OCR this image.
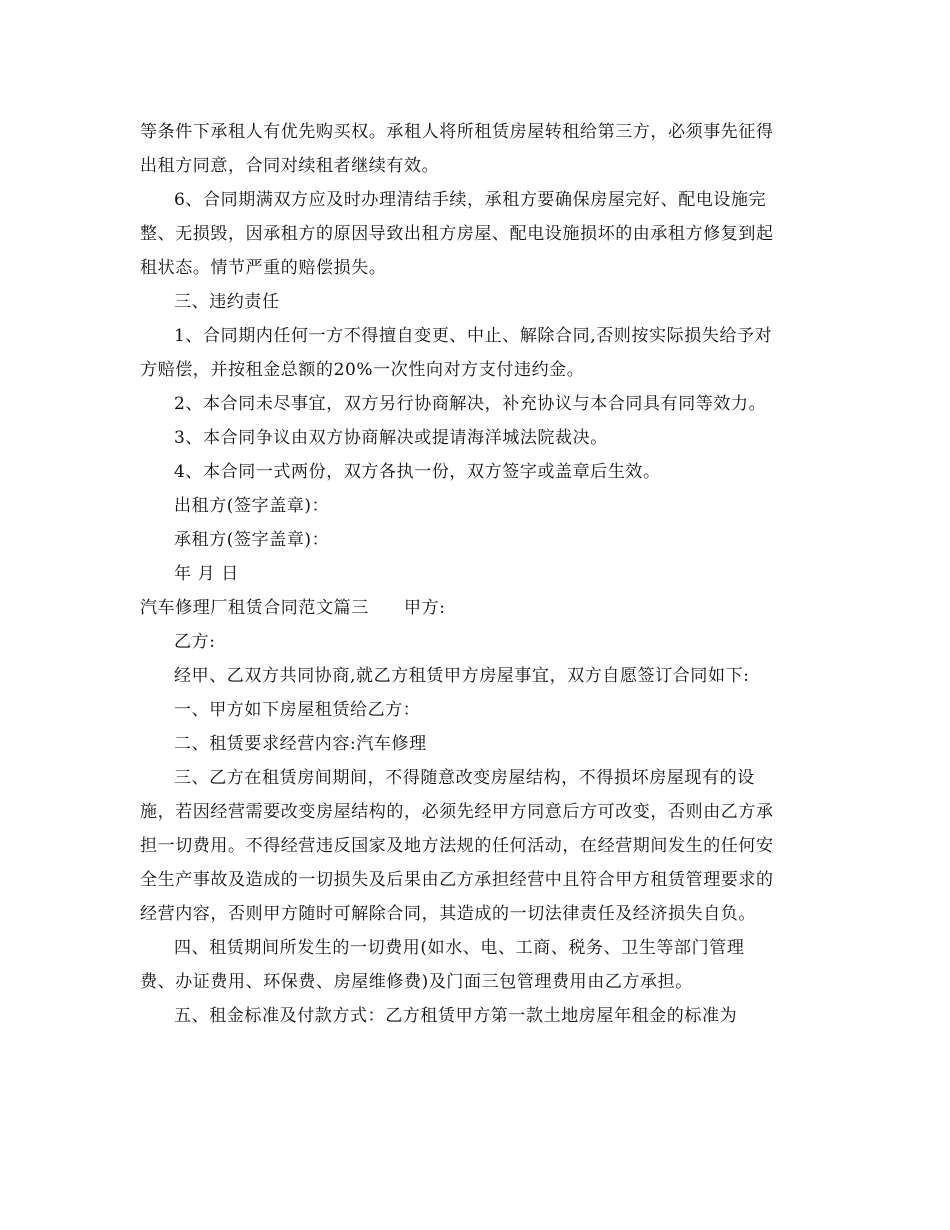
等条件下承租人有优先购买权。承租人将所租赁房屋转租给第三方，必须事先征得
出租方同意，合同对续租者继续有效。
6、合同期满双方应及时办理清结手续，承租方要确保房屋完好、配电设施完
整、无损毁，因承租方的原因导致出租方房屋、配电设施损坏的由承租方修复到起
租状态。情节严重的赔偿损失。
三、违约责任
1、合同期内任何一方不得擅自变更、中止、解除合同,否则按实际损失给予对
方赔偿，并按租金总额的20%一次性向对方支付违约金。
2、本合同未尽事宜，双方另行协商解决，补充协议与本合同具有同等效力。
3、本合同争议由双方协商解决或提请海洋城法院裁决。
4、本合同一式两份，双方各执一份，双方签字或盖章后生效。
出租方(签字盖章)：
承租方(签字盖章)：
年 月 日
汽车修理厂租赁合同范文篇三　　甲方:
乙方:
经甲、乙双方共同协商,就乙方租赁甲方房屋事宜，双方自愿签订合同如下:
一、甲方如下房屋租赁给乙方：
二、租赁要求经营内容:汽车修理
三、乙方在租赁房间期间，不得随意改变房屋结构，不得损坏房屋现有的设
施，若因经营需要改变房屋结构的，必须先经甲方同意后方可改变，否则由乙方承
担一切费用。不得经营违反国家及地方法规的任何活动，在经营期间发生的任何安
全生产事故及造成的一切损失及后果由乙方承担经营中且符合甲方租赁管理要求的
经营内容，否则甲方随时可解除合同，其造成的一切法律责任及经济损失自负。
四、租赁期间所发生的一切费用(如水、电、工商、税务、卫生等部门管理
费、办证费用、环保费、房屋维修费)及门面三包管理费用由乙方承担。
五、租金标准及付款方式：乙方租赁甲方第一款土地房屋年租金的标准为
